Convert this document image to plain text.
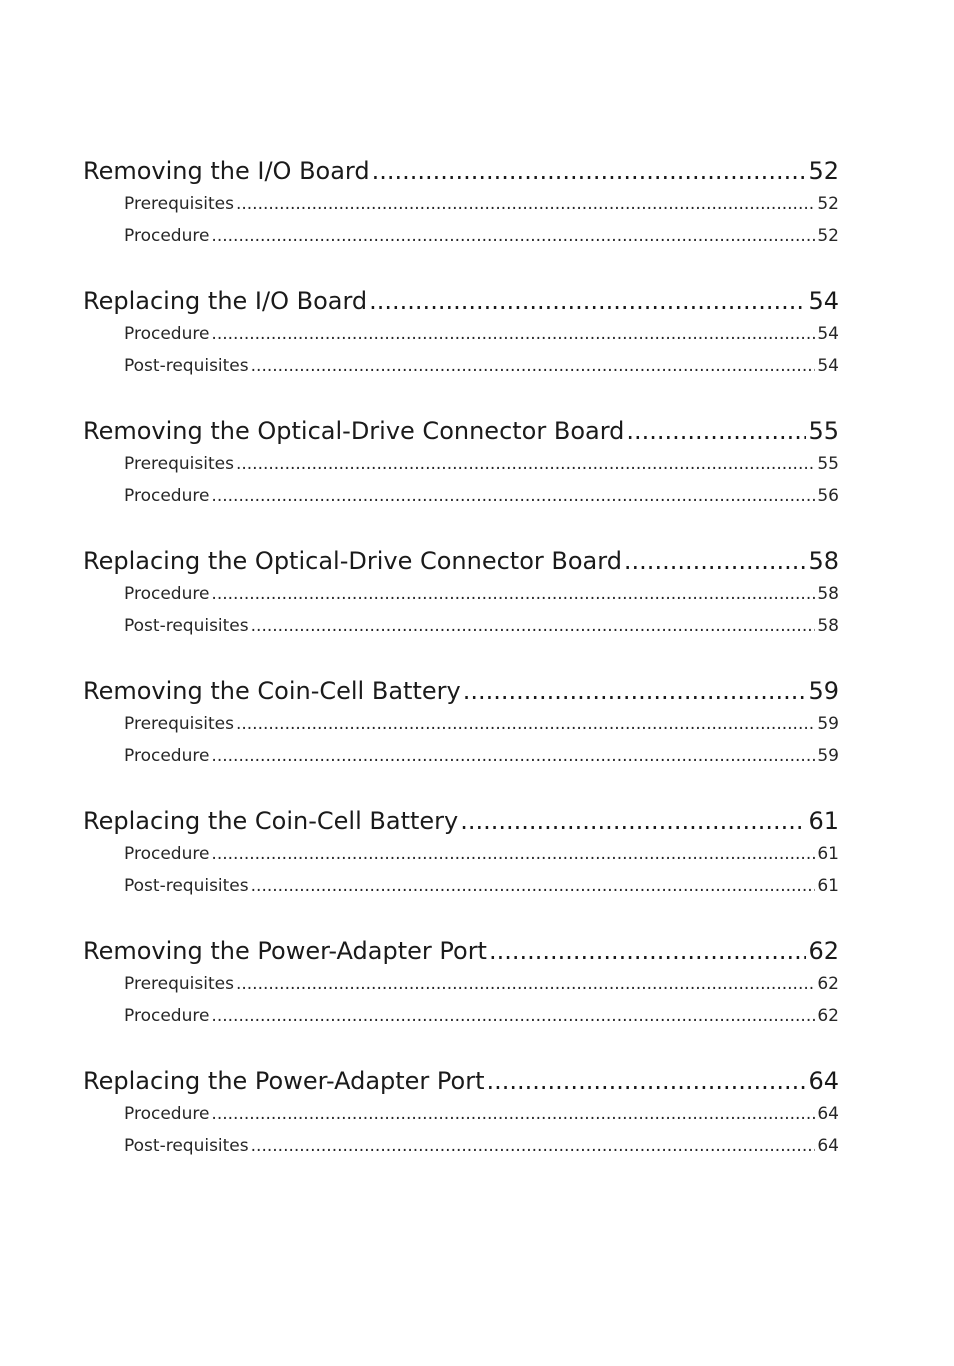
Removing the I/O Board .....	52
Prerequisites .....	52
Procedure .....	52
Replacing the I/O Board .....	54
Procedure .....	54
Post-requisites .....	54
Removing the Optical-Drive Connector Board .....	55
Prerequisites .....	55
Procedure .....	56
Replacing the Optical-Drive Connector Board .....	58
Procedure .....	58
Post-requisites .....	58
Removing the Coin-Cell Battery .....	59
Prerequisites .....	59
Procedure .....	59
Replacing the Coin-Cell Battery .....	61
Procedure .....	61
Post-requisites .....	61
Removing the Power-Adapter Port .....	62
Prerequisites .....	62
Procedure .....	62
Replacing the Power-Adapter Port .....	64
Procedure .....	64
Post-requisites .....	64
